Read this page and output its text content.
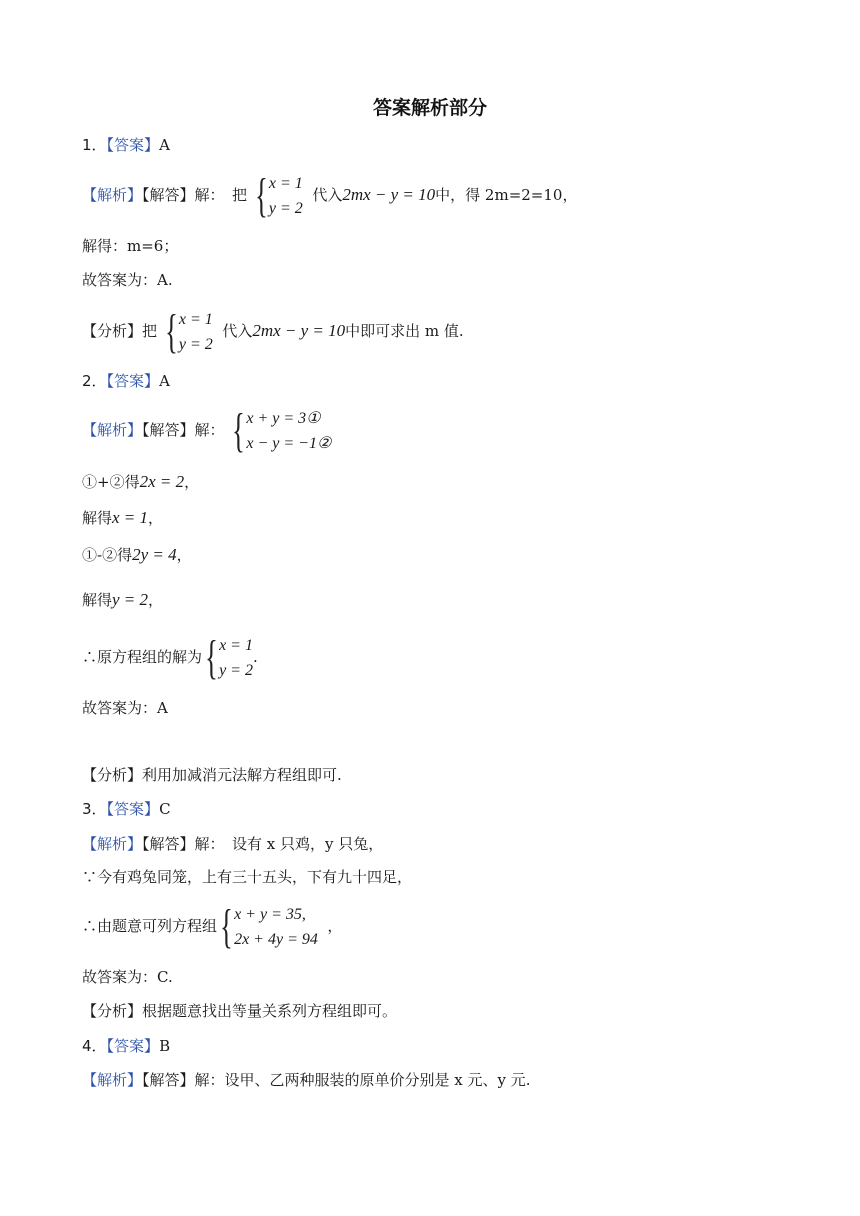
答案解析部分
1．【答案】A
【解析】【解答】解：　把 { x = 1
y = 2
代入2mx − y = 10中，得 2m=2=10，
解得：m=6；
故答案为：A.
【分析】把 { x = 1
y = 2
代入2mx − y = 10中即可求出 m 值.
2．【答案】A
【解析】【解答】解： { x + y = 3①
x − y = −1②
①+②得2x = 2，
解得x = 1，
①-②得2y = 4，
解得y = 2，
∴原方程组的解为 { x = 1
y = 2
.
故答案为：A
【分析】利用加减消元法解方程组即可.
3．【答案】C
【解析】【解答】解：　设有 x 只鸡，y 只兔，
∵今有鸡兔同笼，上有三十五头，下有九十四足，
∴由题意可列方程组 { x + y = 35,
2x + 4y = 94
，
故答案为：C.
【分析】根据题意找出等量关系列方程组即可。
4．【答案】B
【解析】【解答】解：设甲、乙两种服装的原单价分别是 x 元、y 元.
